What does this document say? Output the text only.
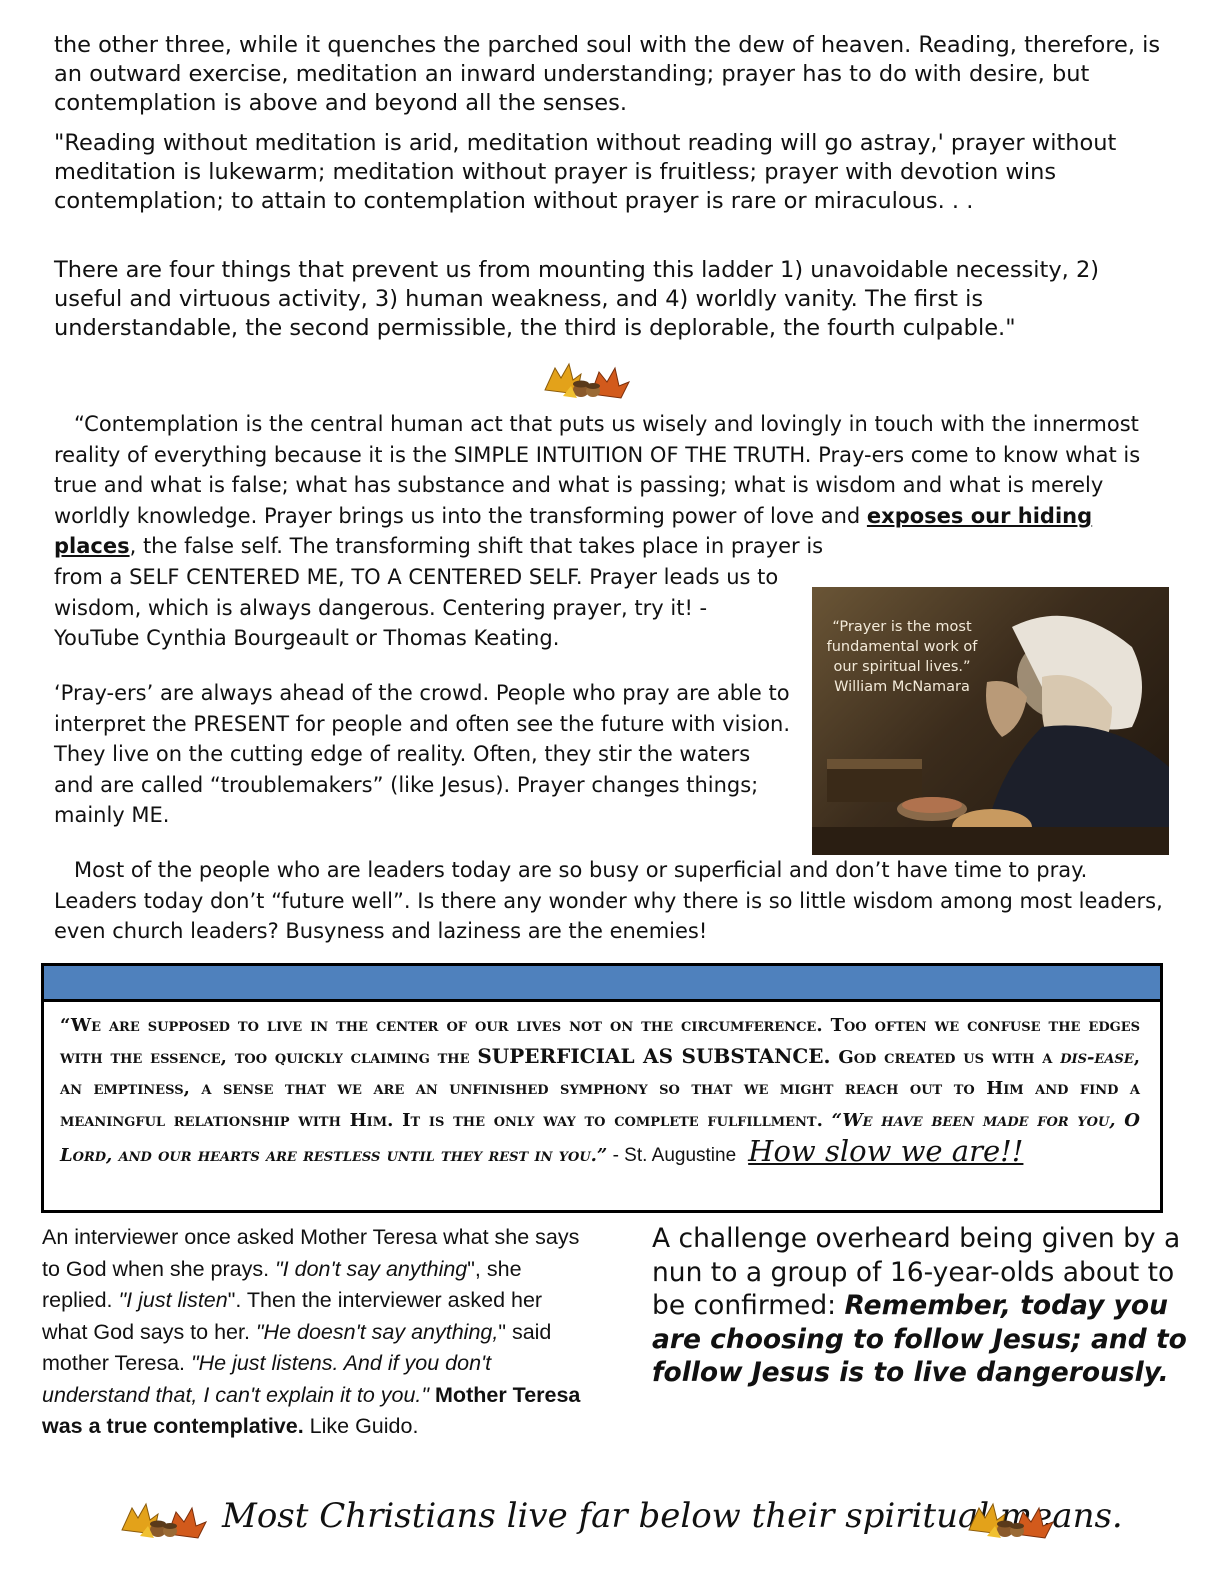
the other three, while it quenches the parched soul with the dew of heaven. Reading, therefore, is an outward exercise, meditation an inward understanding; prayer has to do with desire, but contemplation is above and beyond all the senses.
"Reading without meditation is arid, meditation without reading will go astray,' prayer without meditation is lukewarm; meditation without prayer is fruitless; prayer with devotion wins contemplation; to attain to contemplation without prayer is rare or miraculous. . .
There are four things that prevent us from mounting this ladder 1) unavoidable necessity, 2) useful and virtuous activity, 3) human weakness, and 4) worldly vanity. The first is understandable, the second permissible, the third is deplorable, the fourth culpable."
“Contemplation is the central human act that puts us wisely and lovingly in touch with the innermost reality of everything because it is the SIMPLE INTUITION OF THE TRUTH. Pray-ers come to know what is true and what is false; what has substance and what is passing; what is wisdom and what is merely worldly knowledge. Prayer brings us into the transforming power of love and exposes our hiding places, the false self. The transforming shift that takes place in prayer is
from a SELF CENTERED ME, TO A CENTERED SELF. Prayer leads us to wisdom, which is always dangerous. Centering prayer, try it! - YouTube Cynthia Bourgeault or Thomas Keating.
‘Pray-ers’ are always ahead of the crowd. People who pray are able to interpret the PRESENT for people and often see the future with vision. They live on the cutting edge of reality. Often, they stir the waters and are called “troublemakers” (like Jesus). Prayer changes things; mainly ME.
“Prayer is the most
fundamental work of
our spiritual lives.”
William McNamara
Most of the people who are leaders today are so busy or superficial and don’t have time to pray. Leaders today don’t “future well”. Is there any wonder why there is so little wisdom among most leaders, even church leaders? Busyness and laziness are the enemies!
“We are supposed to live in the center of our lives not on the circumference. Too often we confuse the edges with the essence, too quickly claiming the SUPERFICIAL AS SUBSTANCE. God created us with a dis-ease, an emptiness, a sense that we are an unfinished symphony so that we might reach out to Him and find a meaningful relationship with Him. It is the only way to complete fulfillment. “We have been made for you, O Lord, and our hearts are restless until they rest in you.” - St. Augustine How slow we are!!
An interviewer once asked Mother Teresa what she says to God when she prays. "I don't say anything", she replied. "I just listen". Then the interviewer asked her what God says to her. "He doesn't say anything," said mother Teresa. "He just listens. And if you don't understand that, I can't explain it to you." Mother Teresa was a true contemplative. Like Guido.
A challenge overheard being given by a nun to a group of 16-year-olds about to be confirmed: Remember, today you are choosing to follow Jesus; and to follow Jesus is to live dangerously.
Most Christians live far below their spiritual means.
